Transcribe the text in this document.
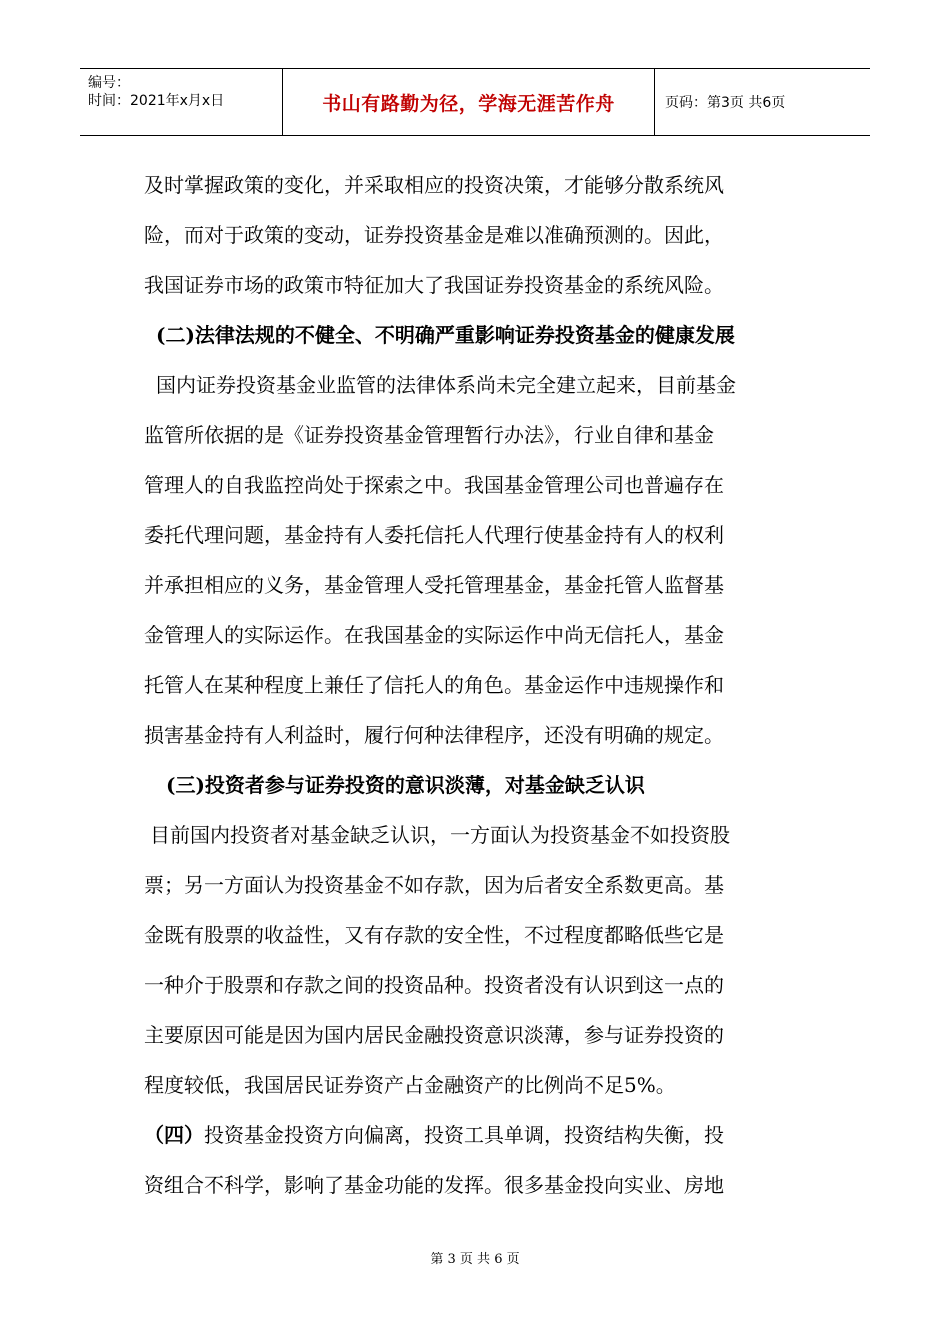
编号：
时间：2021年x月x日	书山有路勤为径，学海无涯苦作舟	页码：第3页 共6页
及时掌握政策的变化，并采取相应的投资决策，才能够分散系统风
险，而对于政策的变动，证券投资基金是难以准确预测的。因此，
我国证券市场的政策市特征加大了我国证券投资基金的系统风险。
(二)法律法规的不健全、不明确严重影响证券投资基金的健康发展
国内证券投资基金业监管的法律体系尚未完全建立起来，目前基金
监管所依据的是《证券投资基金管理暂行办法》，行业自律和基金
管理人的自我监控尚处于探索之中。我国基金管理公司也普遍存在
委托代理问题，基金持有人委托信托人代理行使基金持有人的权利
并承担相应的义务，基金管理人受托管理基金，基金托管人监督基
金管理人的实际运作。在我国基金的实际运作中尚无信托人，基金
托管人在某种程度上兼任了信托人的角色。基金运作中违规操作和
损害基金持有人利益时，履行何种法律程序，还没有明确的规定。
(三)投资者参与证券投资的意识淡薄，对基金缺乏认识
目前国内投资者对基金缺乏认识，一方面认为投资基金不如投资股
票；另一方面认为投资基金不如存款，因为后者安全系数更高。基
金既有股票的收益性，又有存款的安全性，不过程度都略低些它是
一种介于股票和存款之间的投资品种。投资者没有认识到这一点的
主要原因可能是因为国内居民金融投资意识淡薄，参与证券投资的
程度较低，我国居民证券资产占金融资产的比例尚不足5%。
（四）投资基金投资方向偏离，投资工具单调，投资结构失衡，投
资组合不科学，影响了基金功能的发挥。很多基金投向实业、房地
第 3 页 共 6 页
